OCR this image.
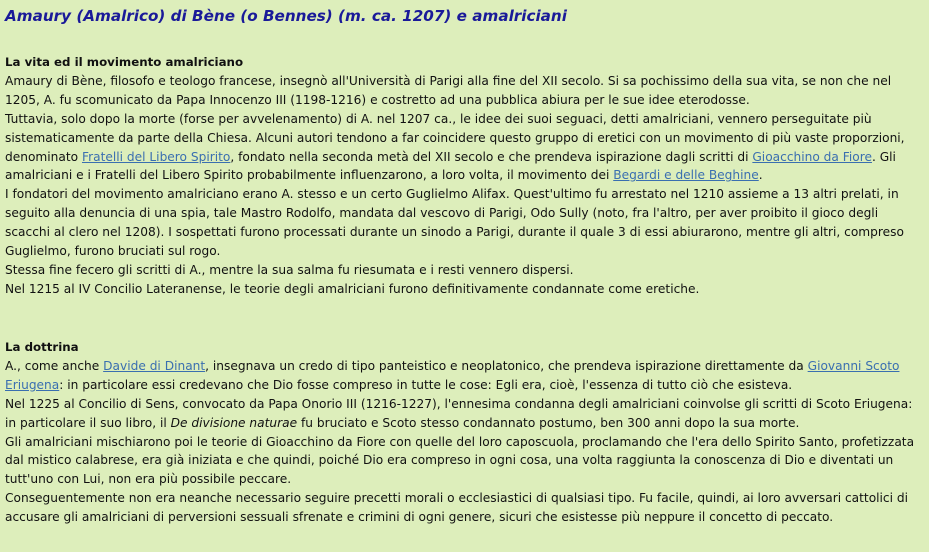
Amaury (Amalrico) di Bène (o Bennes) (m. ca. 1207) e amalriciani
La vita ed il movimento amalriciano
Amaury di Bène, filosofo e teologo francese, insegnò all'Università di Parigi alla fine del XII secolo. Si sa pochissimo della sua vita, se non che nel 1205, A. fu scomunicato da Papa Innocenzo III (1198-1216) e costretto ad una pubblica abiura per le sue idee eterodosse.
Tuttavia, solo dopo la morte (forse per avvelenamento) di A. nel 1207 ca., le idee dei suoi seguaci, detti amalriciani, vennero perseguitate più sistematicamente da parte della Chiesa. Alcuni autori tendono a far coincidere questo gruppo di eretici con un movimento di più vaste proporzioni, denominato Fratelli del Libero Spirito, fondato nella seconda metà del XII secolo e che prendeva ispirazione dagli scritti di Gioacchino da Fiore. Gli amalriciani e i Fratelli del Libero Spirito probabilmente influenzarono, a loro volta, il movimento dei Begardi e delle Beghine.
I fondatori del movimento amalriciano erano A. stesso e un certo Guglielmo Alifax. Quest'ultimo fu arrestato nel 1210 assieme a 13 altri prelati, in seguito alla denuncia di una spia, tale Mastro Rodolfo, mandata dal vescovo di Parigi, Odo Sully (noto, fra l'altro, per aver proibito il gioco degli scacchi al clero nel 1208). I sospettati furono processati durante un sinodo a Parigi, durante il quale 3 di essi abiurarono, mentre gli altri, compreso Guglielmo, furono bruciati sul rogo.
Stessa fine fecero gli scritti di A., mentre la sua salma fu riesumata e i resti vennero dispersi.
Nel 1215 al IV Concilio Lateranense, le teorie degli amalriciani furono definitivamente condannate come eretiche.
La dottrina
A., come anche Davide di Dinant, insegnava un credo di tipo panteistico e neoplatonico, che prendeva ispirazione direttamente da Giovanni Scoto Eriugena: in particolare essi credevano che Dio fosse compreso in tutte le cose: Egli era, cioè, l'essenza di tutto ciò che esisteva.
Nel 1225 al Concilio di Sens, convocato da Papa Onorio III (1216-1227), l'ennesima condanna degli amalriciani coinvolse gli scritti di Scoto Eriugena: in particolare il suo libro, il De divisione naturae fu bruciato e Scoto stesso condannato postumo, ben 300 anni dopo la sua morte.
Gli amalriciani mischiarono poi le teorie di Gioacchino da Fiore con quelle del loro caposcuola, proclamando che l'era dello Spirito Santo, profetizzata dal mistico calabrese, era già iniziata e che quindi, poiché Dio era compreso in ogni cosa, una volta raggiunta la conoscenza di Dio e diventati un tutt'uno con Lui, non era più possibile peccare.
Conseguentemente non era neanche necessario seguire precetti morali o ecclesiastici di qualsiasi tipo. Fu facile, quindi, ai loro avversari cattolici di accusare gli amalriciani di perversioni sessuali sfrenate e crimini di ogni genere, sicuri che esistesse più neppure il concetto di peccato.
